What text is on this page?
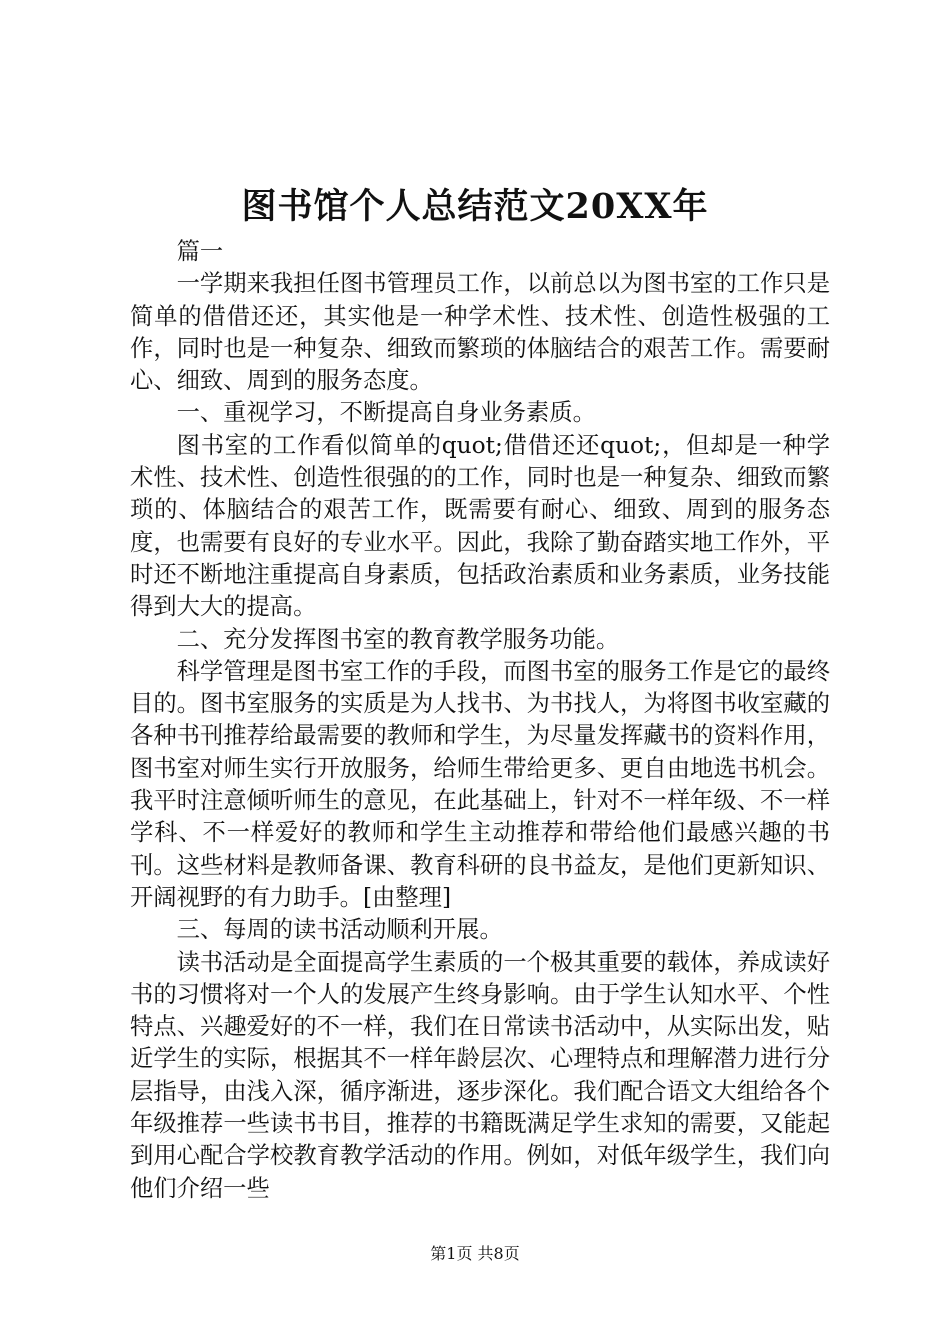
图书馆个人总结范文20XX年

篇一

一学期来我担任图书管理员工作，以前总以为图书室的工作只是简单的借借还还，其实他是一种学术性、技术性、创造性极强的工作，同时也是一种复杂、细致而繁琐的体脑结合的艰苦工作。需要耐心、细致、周到的服务态度。

一、重视学习，不断提高自身业务素质。

图书室的工作看似简单的quot;借借还还quot;，但却是一种学术性、技术性、创造性很强的的工作，同时也是一种复杂、细致而繁琐的、体脑结合的艰苦工作，既需要有耐心、细致、周到的服务态度，也需要有良好的专业水平。因此，我除了勤奋踏实地工作外，平时还不断地注重提高自身素质，包括政治素质和业务素质，业务技能得到大大的提高。

二、充分发挥图书室的教育教学服务功能。

科学管理是图书室工作的手段，而图书室的服务工作是它的最终目的。图书室服务的实质是为人找书、为书找人，为将图书收室藏的各种书刊推荐给最需要的教师和学生，为尽量发挥藏书的资料作用，图书室对师生实行开放服务，给师生带给更多、更自由地选书机会。我平时注意倾听师生的意见，在此基础上，针对不一样年级、不一样学科、不一样爱好的教师和学生主动推荐和带给他们最感兴趣的书刊。这些材料是教师备课、教育科研的良书益友，是他们更新知识、开阔视野的有力助手。[由整理]

三、每周的读书活动顺利开展。

读书活动是全面提高学生素质的一个极其重要的载体，养成读好书的习惯将对一个人的发展产生终身影响。由于学生认知水平、个性特点、兴趣爱好的不一样，我们在日常读书活动中，从实际出发，贴近学生的实际，根据其不一样年龄层次、心理特点和理解潜力进行分层指导，由浅入深，循序渐进，逐步深化。我们配合语文大组给各个年级推荐一些读书书目，推荐的书籍既满足学生求知的需要，又能起到用心配合学校教育教学活动的作用。例如，对低年级学生，我们向他们介绍一些

第1页 共8页
